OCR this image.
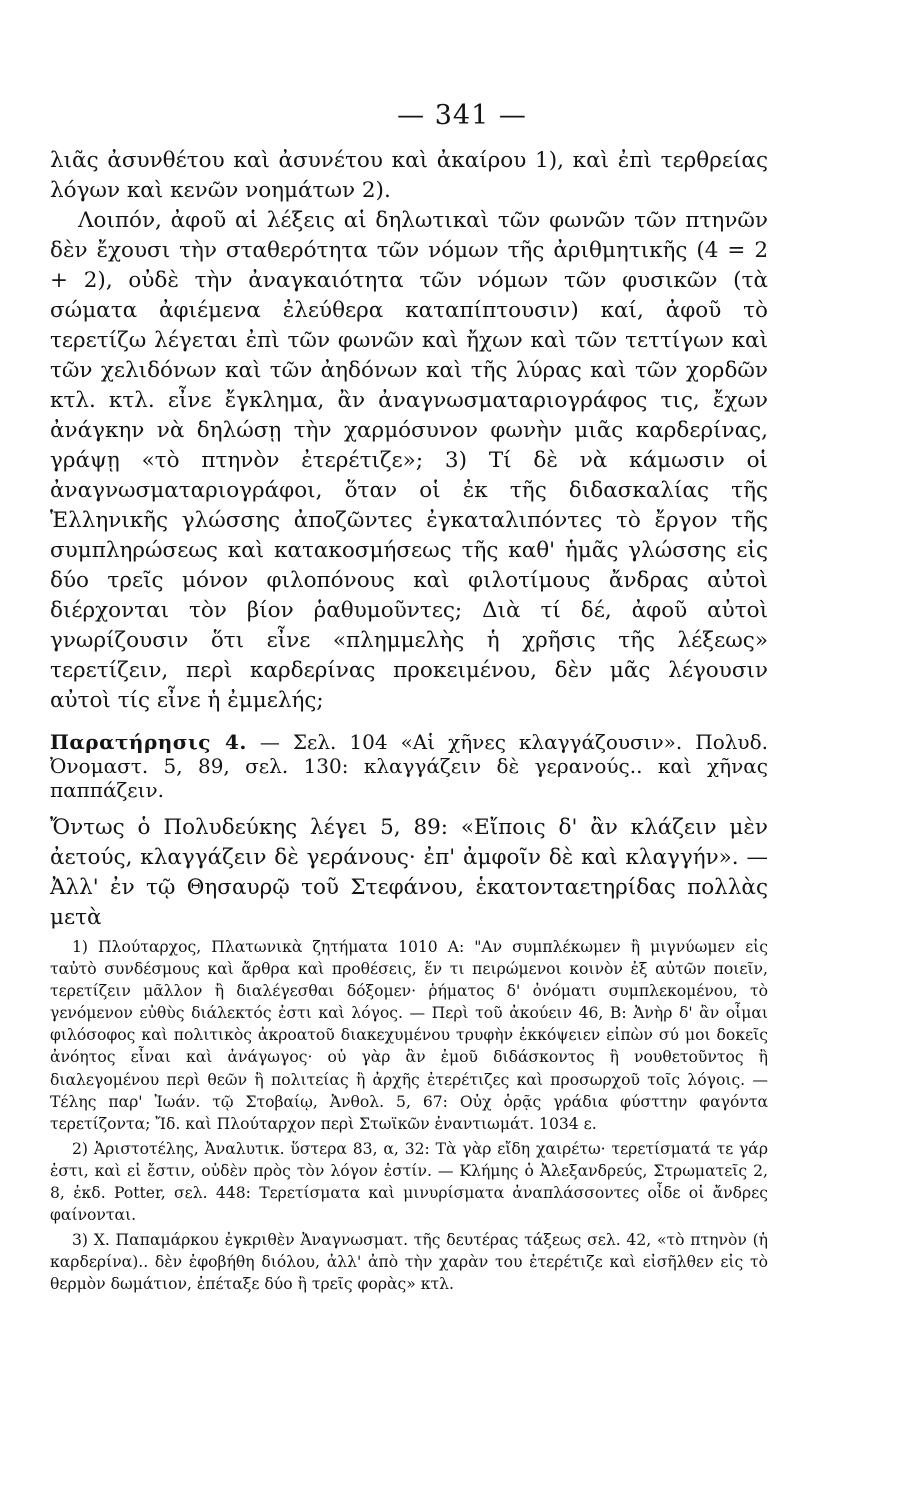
— 341 —

λιᾶς ἀσυνθέτου καὶ ἀσυνέτου καὶ ἀκαίρου 1), καὶ ἐπὶ τερθρείας λόγων καὶ κενῶν νοημάτων 2).

Λοιπόν, ἀφοῦ αἱ λέξεις αἱ δηλωτικαὶ τῶν φωνῶν τῶν πτηνῶν δὲν ἔχουσι τὴν σταθερότητα τῶν νόμων τῆς ἀριθμητικῆς (4 = 2 + 2), οὐδὲ τὴν ἀναγκαιότητα τῶν νόμων τῶν φυσικῶν (τὰ σώματα ἀφιέμενα ἐλεύθερα καταπίπτουσιν) καί, ἀφοῦ τὸ τερετίζω λέγεται ἐπὶ τῶν φωνῶν καὶ ἤχων καὶ τῶν τεττίγων καὶ τῶν χελιδόνων καὶ τῶν ἀηδόνων καὶ τῆς λύρας καὶ τῶν χορδῶν κτλ. κτλ. εἶνε ἔγκλημα, ἂν ἀναγνωσματαριογράφος τις, ἔχων ἀνάγκην νὰ δηλώσῃ τὴν χαρμόσυνον φωνὴν μιᾶς καρδερίνας, γράψῃ «τὸ πτηνὸν ἐτερέτιζε»; 3) Τί δὲ νὰ κάμωσιν οἱ ἀναγνωσματαριογράφοι, ὅταν οἱ ἐκ τῆς διδασκαλίας τῆς Ἑλληνικῆς γλώσσης ἀποζῶντες ἐγκαταλιπόντες τὸ ἔργον τῆς συμπληρώσεως καὶ κατακοσμήσεως τῆς καθ' ἡμᾶς γλώσσης εἰς δύο τρεῖς μόνον φιλοπόνους καὶ φιλοτίμους ἄνδρας αὐτοὶ διέρχονται τὸν βίον ῥαθυμοῦντες; Διὰ τί δέ, ἀφοῦ αὐτοὶ γνωρίζουσιν ὅτι εἶνε «πλημμελὴς ἡ χρῆσις τῆς λέξεως» τερετίζειν, περὶ καρδερίνας προκειμένου, δὲν μᾶς λέγουσιν αὐτοὶ τίς εἶνε ἡ ἐμμελής;

Παρατήρησις 4. — Σελ. 104 «Αἱ χῆνες κλαγγάζουσιν». Πολυδ. Ὀνομαστ. 5, 89, σελ. 130: κλαγγάζειν δὲ γερανούς.. καὶ χῆνας παππάζειν.
Ὄντως ὁ Πολυδεύκης λέγει 5, 89: «Εἴποις δ' ἂν κλάζειν μὲν ἀετούς, κλαγγάζειν δὲ γεράνους· ἐπ' ἀμφοῖν δὲ καὶ κλαγγήν». — Ἀλλ' ἐν τῷ Θησαυρῷ τοῦ Στεφάνου, ἑκατονταετηρίδας πολλὰς μετὰ

1) Πλούταρχος, Πλατωνικὰ ζητήματα 1010 Α: "Αν συμπλέκωμεν ἢ μιγνύωμεν εἰς ταὐτὸ συνδέσμους καὶ ἄρθρα καὶ προθέσεις, ἕν τι πειρώμενοι κοινὸν ἐξ αὐτῶν ποιεῖν, τερετίζειν μᾶλλον ἢ διαλέγεσθαι δόξομεν· ῥήματος δ' ὀνόματι συμπλεκομένου, τὸ γενόμενον εὐθὺς διάλεκτός ἐστι καὶ λόγος. — Περὶ τοῦ ἀκούειν 46, Β: Ἀνὴρ δ' ἂν οἶμαι φιλόσοφος καὶ πολιτικὸς ἀκροατοῦ διακεχυμένου τρυφὴν ἐκκόψειεν εἰπὼν σύ μοι δοκεῖς ἀνόητος εἶναι καὶ ἀνάγωγος· οὐ γὰρ ἂν ἐμοῦ διδάσκοντος ἢ νουθετοῦντος ἢ διαλεγομένου περὶ θεῶν ἢ πολιτείας ἢ ἀρχῆς ἐτερέτιζες καὶ προσωρχοῦ τοῖς λόγοις. — Τέλης παρ' Ἰωάν. τῷ Στοβαίῳ, Ἀνθολ. 5, 67: Οὐχ ὁρᾷς γράδια φύσττην φαγόντα τερετίζοντα; Ἴδ. καὶ Πλούταρχον περὶ Στωϊκῶν ἐναντιωμάτ. 1034 ε.

2) Ἀριστοτέλης, Ἀναλυτικ. ὕστερα 83, α, 32: Τὰ γὰρ εἴδη χαιρέτω· τερετίσματά τε γάρ ἐστι, καὶ εἰ ἔστιν, οὐδὲν πρὸς τὸν λόγον ἐστίν. — Κλήμης ὁ Ἀλεξανδρεύς, Στρωματεῖς 2, 8, ἐκδ. Potter, σελ. 448: Τερετίσματα καὶ μινυρίσματα ἀναπλάσσοντες οἶδε οἱ ἄνδρες φαίνονται.

3) Χ. Παπαμάρκου ἐγκριθὲν Ἀναγνωσματ. τῆς δευτέρας τάξεως σελ. 42, «τὸ πτηνὸν (ἡ καρδερίνα).. δὲν ἐφοβήθη διόλου, ἀλλ' ἀπὸ τὴν χαρὰν του ἐτερέτιζε καὶ εἰσῆλθεν εἰς τὸ θερμὸν δωμάτιον, ἐπέταξε δύο ἢ τρεῖς φορὰς» κτλ.
